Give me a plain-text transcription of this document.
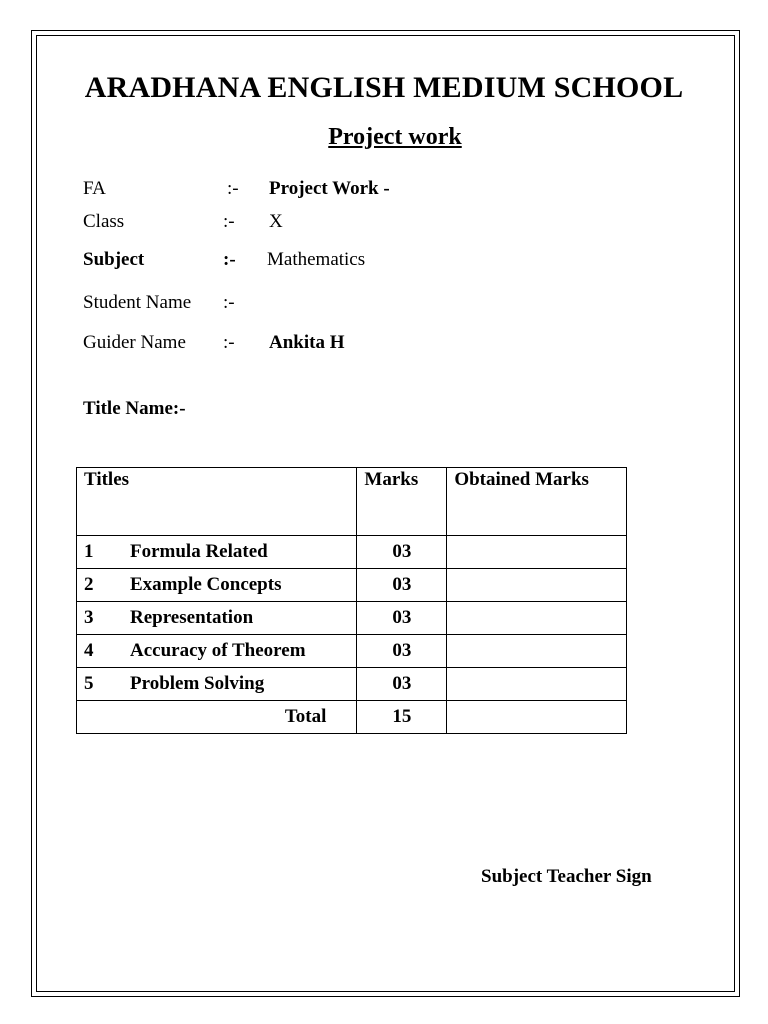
ARADHANA ENGLISH MEDIUM SCHOOL
Project work
FA	:- Project Work -
Class	:- X
Subject	:- Mathematics
Student Name :-
Guider Name :- Ankita H
Title Name:-
Titles	Marks	Obtained Marks
1 Formula Related	03	
2 Example Concepts	03	
3 Representation	03	
4 Accuracy of Theorem	03	
5 Problem Solving	03	
Total	15	
Subject Teacher Sign
